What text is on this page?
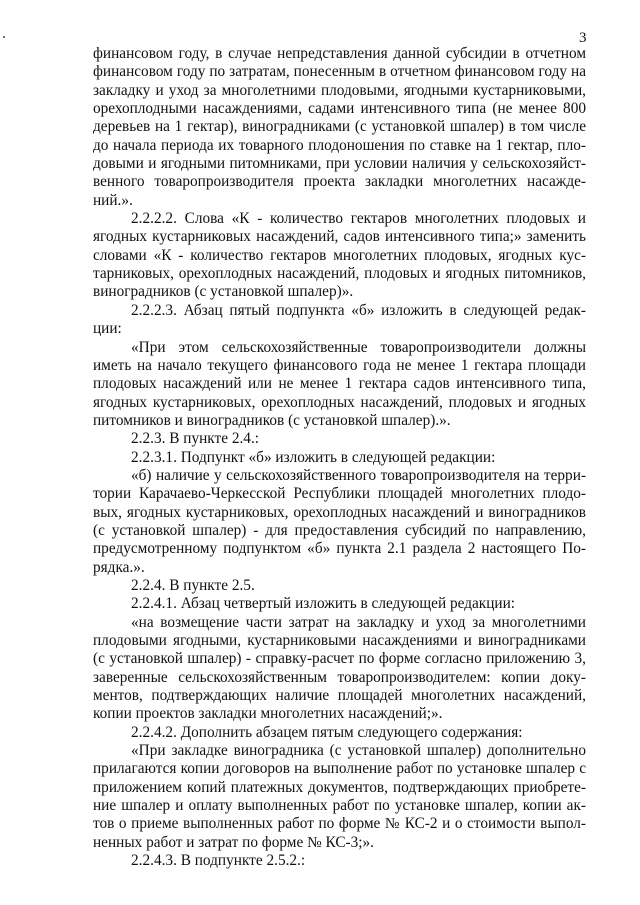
3
финансовом году, в случае непредставления данной субсидии в отчетном
финансовом году по затратам, понесенным в отчетном финансовом году на
закладку и уход за многолетними плодовыми, ягодными кустарниковыми,
орехоплодными насаждениями, садами интенсивного типа (не менее 800
деревьев на 1 гектар), виноградниками (с установкой шпалер) в том числе
до начала периода их товарного плодоношения по ставке на 1 гектар, пло-
довыми и ягодными питомниками, при условии наличия у сельскохозяйст-
венного товаропроизводителя проекта закладки многолетних насажде-
ний.».
2.2.2.2. Слова «К - количество гектаров многолетних плодовых и
ягодных кустарниковых насаждений, садов интенсивного типа;» заменить
словами «К - количество гектаров многолетних плодовых, ягодных кус-
тарниковых, орехоплодных насаждений, плодовых и ягодных питомников,
виноградников (с установкой шпалер)».
2.2.2.3. Абзац пятый подпункта «б» изложить в следующей редак-
ции:
«При этом сельскохозяйственные товаропроизводители должны
иметь на начало текущего финансового года не менее 1 гектара площади
плодовых насаждений или не менее 1 гектара садов интенсивного типа,
ягодных кустарниковых, орехоплодных насаждений, плодовых и ягодных
питомников и виноградников (с установкой шпалер).».
2.2.3. В пункте 2.4.:
2.2.3.1. Подпункт «б» изложить в следующей редакции:
«б) наличие у сельскохозяйственного товаропроизводителя на терри-
тории Карачаево-Черкесской Республики площадей многолетних плодо-
вых, ягодных кустарниковых, орехоплодных насаждений и виноградников
(с установкой шпалер) - для предоставления субсидий по направлению,
предусмотренному подпунктом «б» пункта 2.1 раздела 2 настоящего По-
рядка.».
2.2.4. В пункте 2.5.
2.2.4.1. Абзац четвертый изложить в следующей редакции:
«на возмещение части затрат на закладку и уход за многолетними
плодовыми ягодными, кустарниковыми насаждениями и виноградниками
(с установкой шпалер) - справку-расчет по форме согласно приложению 3,
заверенные сельскохозяйственным товаропроизводителем: копии доку-
ментов, подтверждающих наличие площадей многолетних насаждений,
копии проектов закладки многолетних насаждений;».
2.2.4.2. Дополнить абзацем пятым следующего содержания:
«При закладке виноградника (с установкой шпалер) дополнительно
прилагаются копии договоров на выполнение работ по установке шпалер с
приложением копий платежных документов, подтверждающих приобрете-
ние шпалер и оплату выполненных работ по установке шпалер, копии ак-
тов о приеме выполненных работ по форме № КС-2 и о стоимости выпол-
ненных работ и затрат по форме № КС-3;».
2.2.4.3. В подпункте 2.5.2.:
